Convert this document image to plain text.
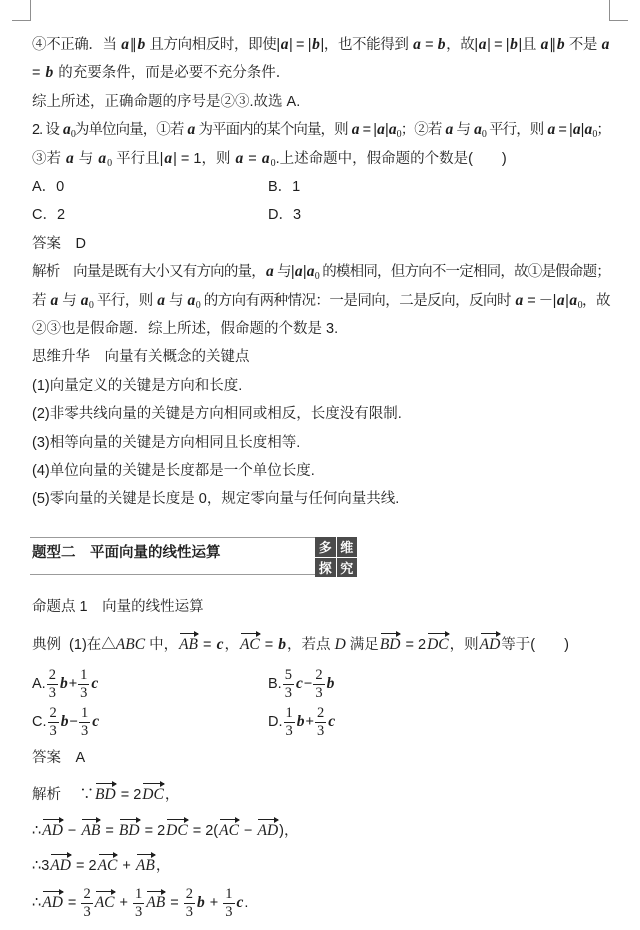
④不正确．当 a∥b 且方向相反时，即使|a| = |b|，也不能得到 a = b，故|a| = |b|且 a∥b 不是 a
= b 的充要条件，而是必要不充分条件．
综上所述，正确命题的序号是②③.故选 A.
2. 设 $a_0$为单位向量，①若 a 为平面内的某个向量，则 $a = |a|a_0$；②若 a 与 $a_0$ 平行，则 $a = |a|a_0$；
③若 a 与 $a_0$ 平行且|a| = 1，则 $a = a_0$.上述命题中，假命题的个数是(　　)
A．0	B．1
C．2	D．3
答案　D
解析　向量是既有大小又有方向的量，a 与$|a|a_0$ 的模相同，但方向不一定相同，故①是假命题；
若 a 与 $a_0$ 平行，则 a 与 $a_0$ 的方向有两种情况：一是同向，二是反向，反向时 $a = -|a|a_0$，故
②③也是假命题．综上所述，假命题的个数是 3.
思维升华　向量有关概念的关键点
(1)向量定义的关键是方向和长度.
(2)非零共线向量的关键是方向相同或相反，长度没有限制.
(3)相等向量的关键是方向相同且长度相等.
(4)单位向量的关键是长度都是一个单位长度.
(5)零向量的关键是长度是 0，规定零向量与任何向量共线.
命题点 1　向量的线性运算
典例  (1)在△ABC 中，AB = c，AC = b，若点 D 满足BD = 2DC，则AD等于(　　)
A. $\frac{2}{3} b+ \frac{1}{3}$ c	B. $\frac{5}{3} c- \frac{2}{3}$ b
C. $\frac{2}{3} b- \frac{1}{3}$ c	D. $\frac{1}{3} b+ \frac{2}{3}$ c
答案　A
解析　 ∵BD = 2DC，
∴AD − AB = BD = 2DC = 2(AC − AD)，
∴3AD = 2AC + AB，
∴AD = $\frac{2}{3}$ AC + $\frac{1}{3}$ AB = $\frac{2}{3}$ $b + \frac{1}{3} c$.
题型二　平面向量的线性运算	多 维
探 究
